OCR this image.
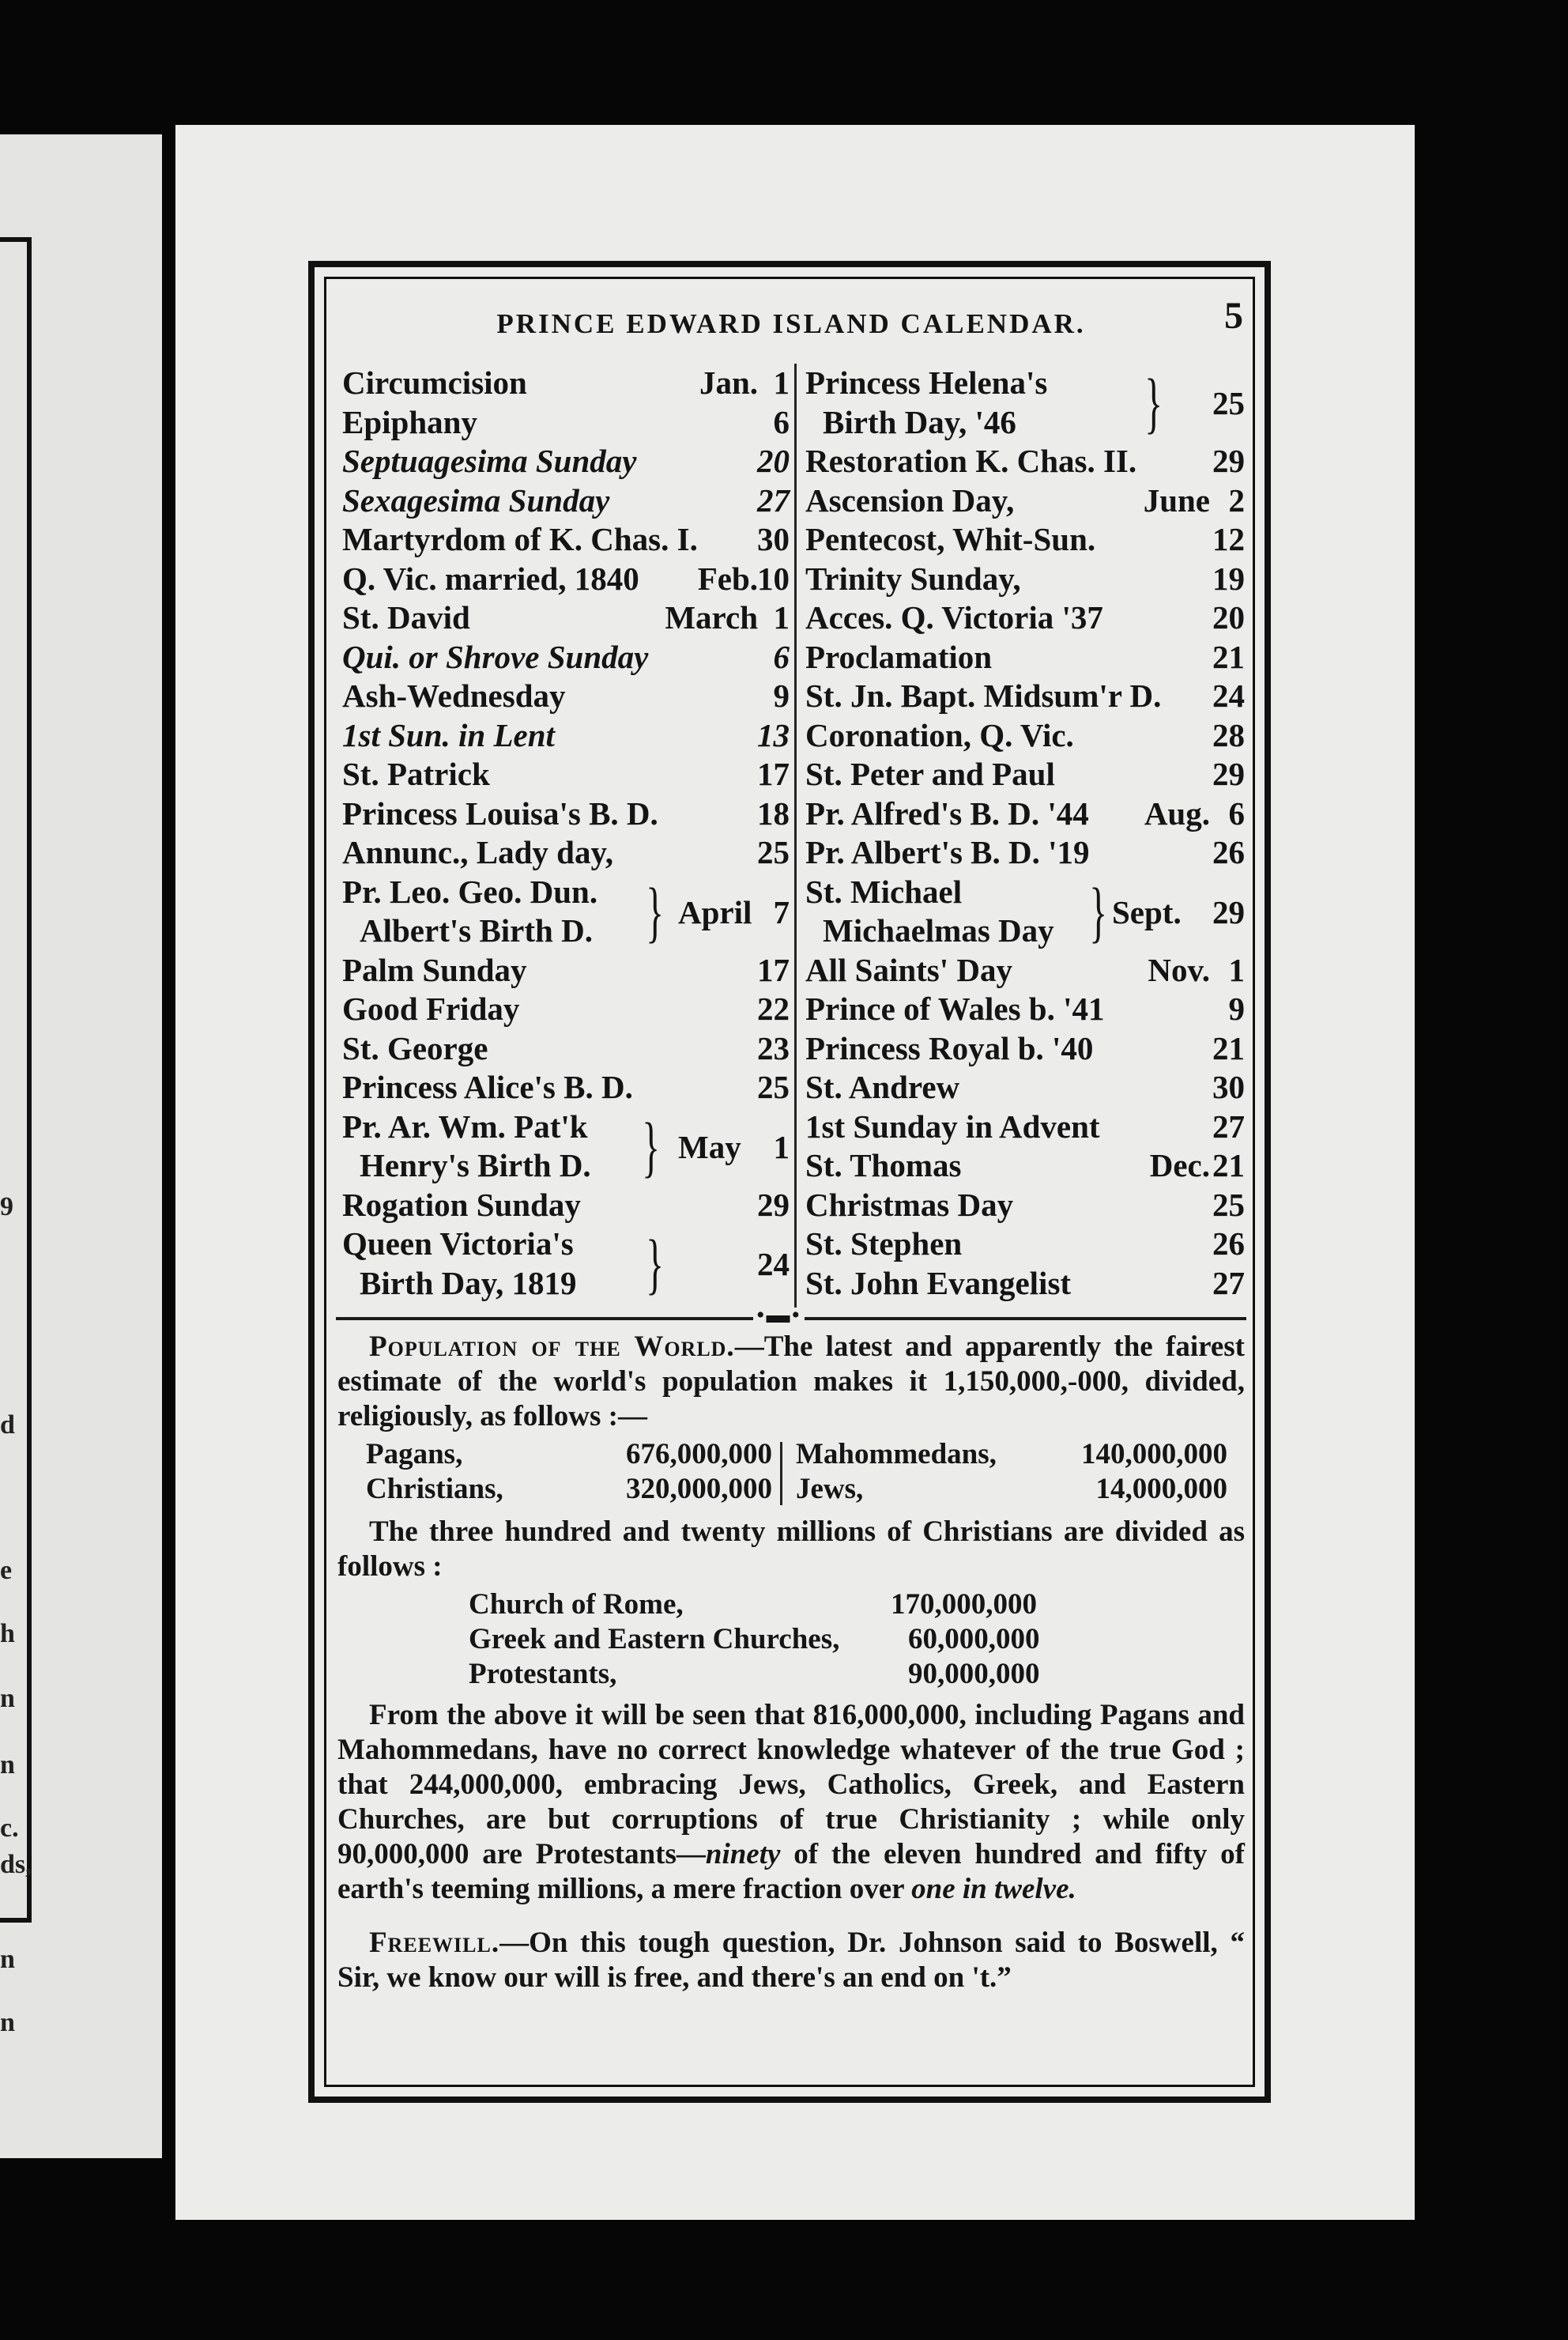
9
d
e
h
n
n
c.
ds,
n
n
PRINCE EDWARD ISLAND CALENDAR.	5
Circumcision	Jan. 1
Epiphany	6
Septuagesima Sunday	20
Sexagesima Sunday	27
Martyrdom of K. Chas. I. 30
Q. Vic. married, 1840 Feb. 10
St. David	March 1
Qui. or Shrove Sunday	6
Ash-Wednesday	9
1st Sun. in Lent	13
St. Patrick	17
Princess Louisa's B. D.	18
Annunc., Lady day,	25
Pr. Leo. Geo. Dun.
Albert's Birth D. } April 7
Palm Sunday	17
Good Friday	22
St. George	23
Princess Alice's B. D.	25
Pr. Ar. Wm. Pat'k
Henry's Birth D. } May 1
Rogation Sunday	29
Queen Victoria's
Birth Day, 1819 }	24
Princess Helena's
Birth Day, '46 } 25
Restoration K. Chas. II. 29
Ascension Day,	June 2
Pentecost, Whit-Sun.	12
Trinity Sunday,	19
Acces. Q. Victoria '37	20
Proclamation	21
St. Jn. Bapt. Midsum'r D. 24
Coronation, Q. Vic.	28
St. Peter and Paul	29
Pr. Alfred's B. D. '44 Aug. 6
Pr. Albert's B. D. '19	26
St. Michael
Michaelmas Day } Sept. 29
All Saints' Day	Nov. 1
Prince of Wales b. '41	9
Princess Royal b. '40	21
St. Andrew	30
1st Sunday in Advent	27
St. Thomas	Dec. 21
Christmas Day	25
St. Stephen	26
St. John Evangelist	27
•▬•

Population of the World.—The latest and apparently the fairest estimate of the world's population makes it 1,150,000,-000, divided, religiously, as follows :—

Pagans,	676,000,000 Mahommedans,	140,000,000
Christians,	320,000,000 Jews,	14,000,000

The three hundred and twenty millions of Christians are divided as follows :

Church of Rome,	170,000,000
Greek and Eastern Churches, 60,000,000
Protestants,	90,000,000

From the above it will be seen that 816,000,000, including Pagans and Mahommedans, have no correct knowledge whatever of the true God ; that 244,000,000, embracing Jews, Catholics, Greek, and Eastern Churches, are but corruptions of true Christianity ; while only 90,000,000 are Protestants—ninety of the eleven hundred and fifty of earth's teeming millions, a mere fraction over one in twelve.

Freewill.—On this tough question, Dr. Johnson said to Boswell, “ Sir, we know our will is free, and there's an end on 't.”
